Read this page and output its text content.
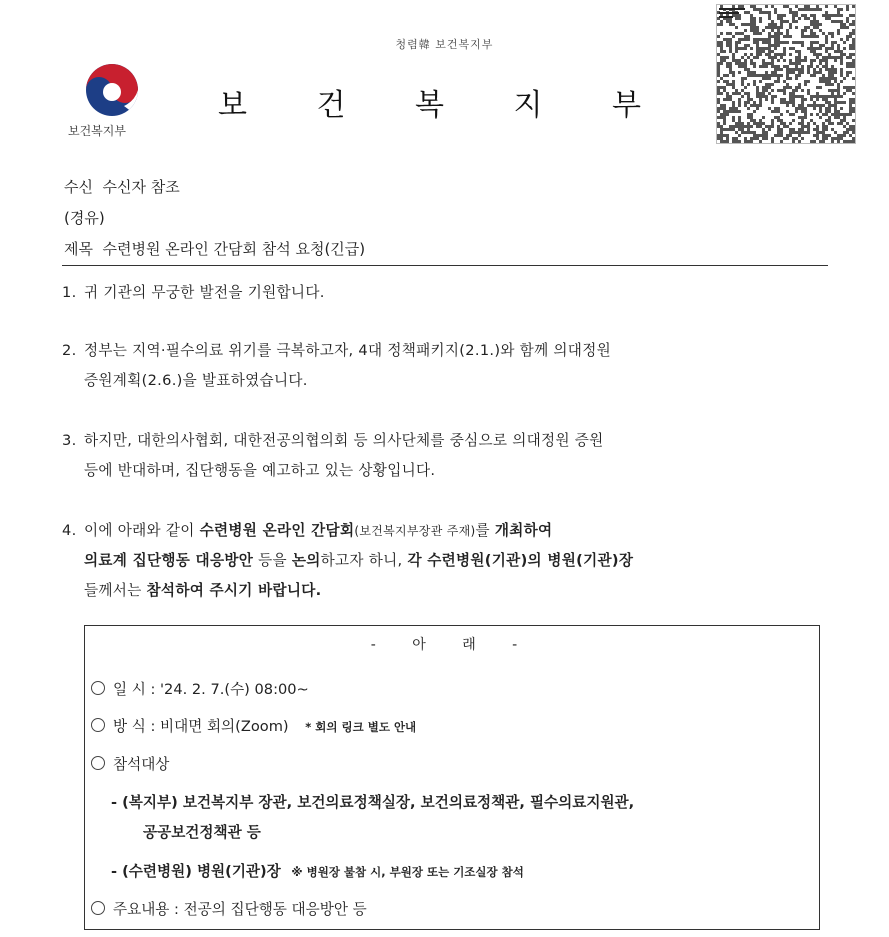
청렴韓 보건복지부
보 건 복 지 부
보건복지부
수신  수신자 참조
(경유)
제목  수련병원 온라인 간담회 참석 요청(긴급)
1. 귀 기관의 무궁한 발전을 기원합니다.
2. 정부는 지역·필수의료 위기를 극복하고자, 4대 정책패키지(2.1.)와 함께 의대정원
증원계획(2.6.)을 발표하였습니다.
3. 하지만, 대한의사협회, 대한전공의협의회 등 의사단체를 중심으로 의대정원 증원
등에 반대하며, 집단행동을 예고하고 있는 상황입니다.
4. 이에 아래와 같이 수련병원 온라인 간담회(보건복지부장관 주재)를 개최하여
의료계 집단행동 대응방안 등을 논의하고자 하니, 각 수련병원(기관)의 병원(기관)장
들께서는 참석하여 주시기 바랍니다.
- 아 래 -
일 시 : '24. 2. 7.(수) 08:00~
방 식 : 비대면 회의(Zoom) * 회의 링크 별도 안내
참석대상
- (복지부) 보건복지부 장관, 보건의료정책실장, 보건의료정책관, 필수의료지원관,
공공보건정책관 등
- (수련병원) 병원(기관)장 ※ 병원장 불참 시, 부원장 또는 기조실장 참석
주요내용 : 전공의 집단행동 대응방안 등
